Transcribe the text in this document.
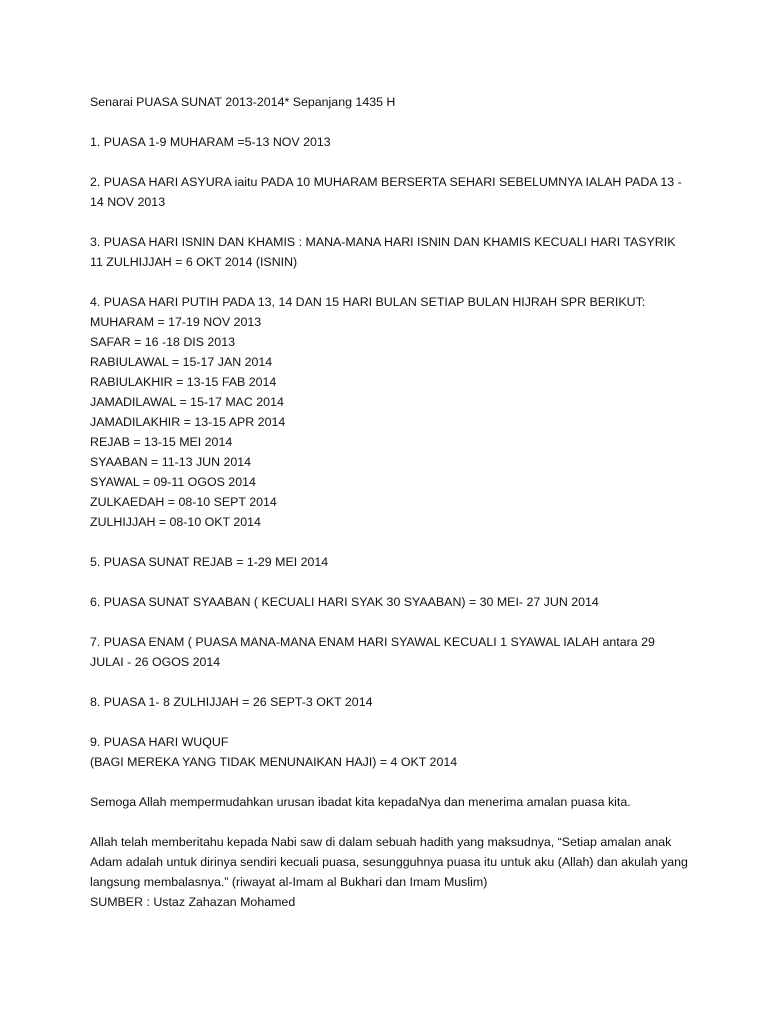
Senarai PUASA SUNAT 2013-2014* Sepanjang 1435 H
1. PUASA 1-9 MUHARAM =5-13 NOV 2013
2. PUASA HARI ASYURA iaitu PADA 10 MUHARAM BERSERTA SEHARI SEBELUMNYA IALAH PADA 13 - 14 NOV 2013
3. PUASA HARI ISNIN DAN KHAMIS : MANA-MANA HARI ISNIN DAN KHAMIS KECUALI HARI TASYRIK 11 ZULHIJJAH = 6 OKT 2014 (ISNIN)
4. PUASA HARI PUTIH PADA 13, 14 DAN 15 HARI BULAN SETIAP BULAN HIJRAH SPR BERIKUT:
MUHARAM = 17-19 NOV 2013
SAFAR = 16 -18 DIS 2013
RABIULAWAL = 15-17 JAN 2014
RABIULAKHIR = 13-15 FAB 2014
JAMADILAWAL = 15-17 MAC 2014
JAMADILAKHIR = 13-15 APR 2014
REJAB = 13-15 MEI 2014
SYAABAN = 11-13 JUN 2014
SYAWAL = 09-11 OGOS 2014
ZULKAEDAH = 08-10 SEPT 2014
ZULHIJJAH = 08-10 OKT 2014
5. PUASA SUNAT REJAB = 1-29 MEI 2014
6. PUASA SUNAT SYAABAN ( KECUALI HARI SYAK 30 SYAABAN) = 30 MEI- 27 JUN 2014
7. PUASA ENAM ( PUASA MANA-MANA ENAM HARI SYAWAL KECUALI 1 SYAWAL IALAH antara 29 JULAI - 26 OGOS 2014
8. PUASA 1- 8 ZULHIJJAH = 26 SEPT-3 OKT 2014
9. PUASA HARI WUQUF
(BAGI MEREKA YANG TIDAK MENUNAIKAN HAJI) = 4 OKT 2014
Semoga Allah mempermudahkan urusan ibadat kita kepadaNya dan menerima amalan puasa kita.
Allah telah memberitahu kepada Nabi saw di dalam sebuah hadith yang maksudnya, “Setiap amalan anak Adam adalah untuk dirinya sendiri kecuali puasa, sesungguhnya puasa itu untuk aku (Allah) dan akulah yang langsung membalasnya.” (riwayat al-Imam al Bukhari dan Imam Muslim)
SUMBER : Ustaz Zahazan Mohamed
